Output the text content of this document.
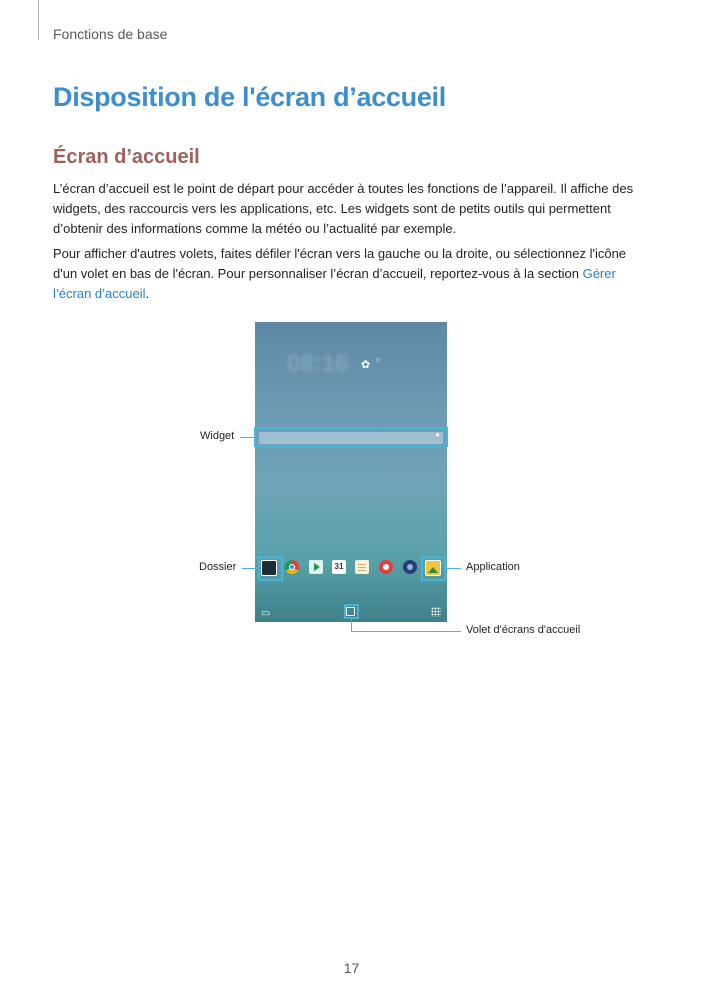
Fonctions de base
Disposition de l'écran d’accueil
Écran d’accueil

L’écran d’accueil est le point de départ pour accéder à toutes les fonctions de l’appareil. Il affiche des widgets, des raccourcis vers les applications, etc. Les widgets sont de petits outils qui permettent d’obtenir des informations comme la météo ou l’actualité par exemple.

Pour afficher d'autres volets, faites défiler l'écran vers la gauche ou la droite, ou sélectionnez l'icône d'un volet en bas de l'écran. Pour personnaliser l’écran d’accueil, reportez-vous à la section Gérer l’écran d’accueil.

08:16 ✿ ☼
●
31
▭
Widget
Dossier	Application
Volet d'écrans d'accueil
17
